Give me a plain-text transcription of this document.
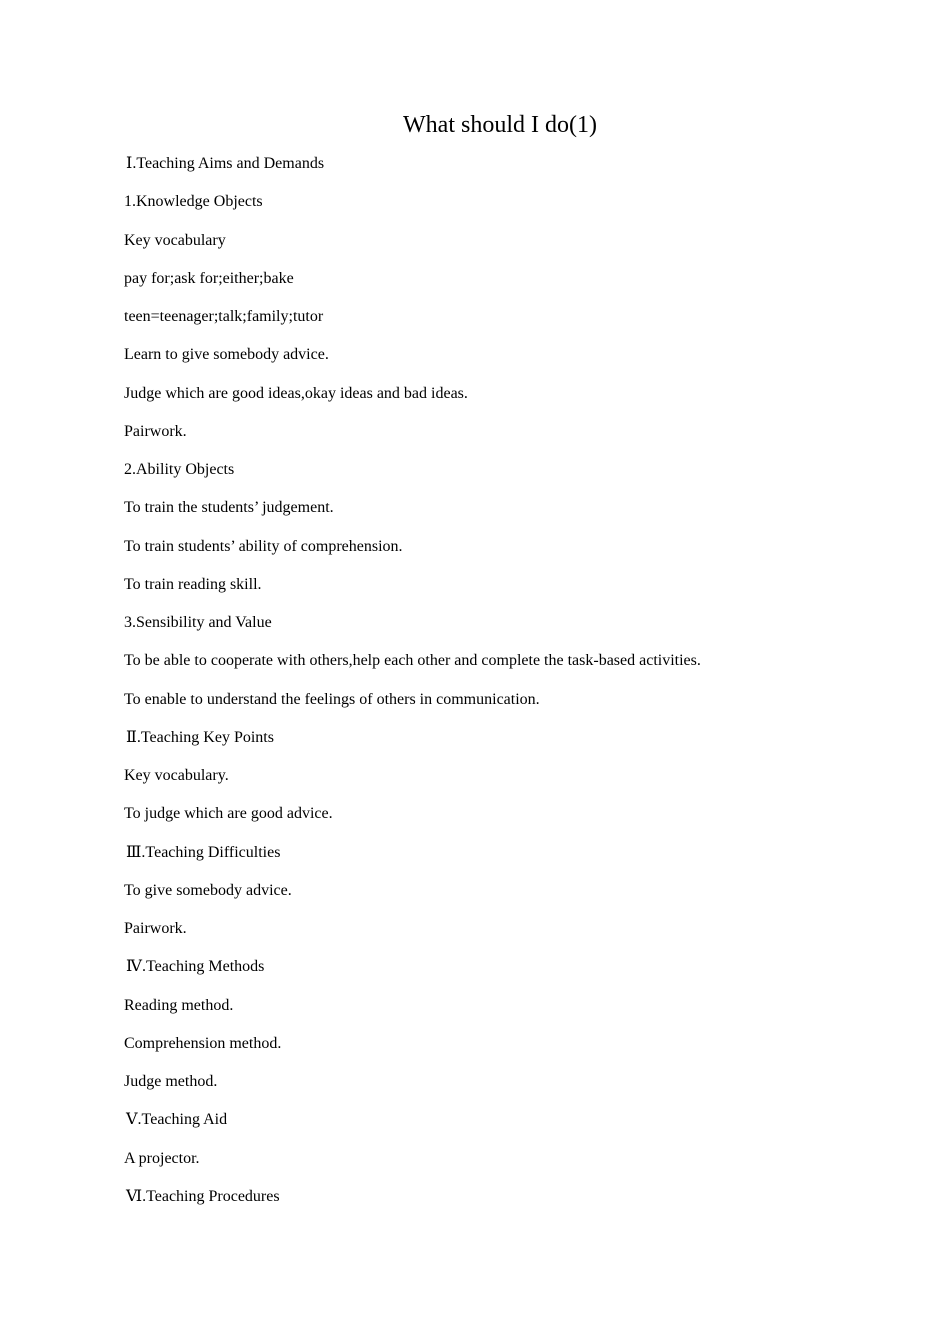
What should I do(1)
Ⅰ.Teaching Aims and Demands
1.Knowledge Objects
Key vocabulary
pay for;ask for;either;bake
teen=teenager;talk;family;tutor
Learn to give somebody advice.
Judge which are good ideas,okay ideas and bad ideas.
Pairwork.
2.Ability Objects
To train the students’ judgement.
To train students’ ability of comprehension.
To train reading skill.
3.Sensibility and Value
To be able to cooperate with others,help each other and complete the task-based activities.
To enable to understand the feelings of others in communication.
Ⅱ.Teaching Key Points
Key vocabulary.
To judge which are good advice.
Ⅲ.Teaching Difficulties
To give somebody advice.
Pairwork.
Ⅳ.Teaching Methods
Reading method.
Comprehension method.
Judge method.
Ⅴ.Teaching Aid
A projector.
Ⅵ.Teaching Procedures
